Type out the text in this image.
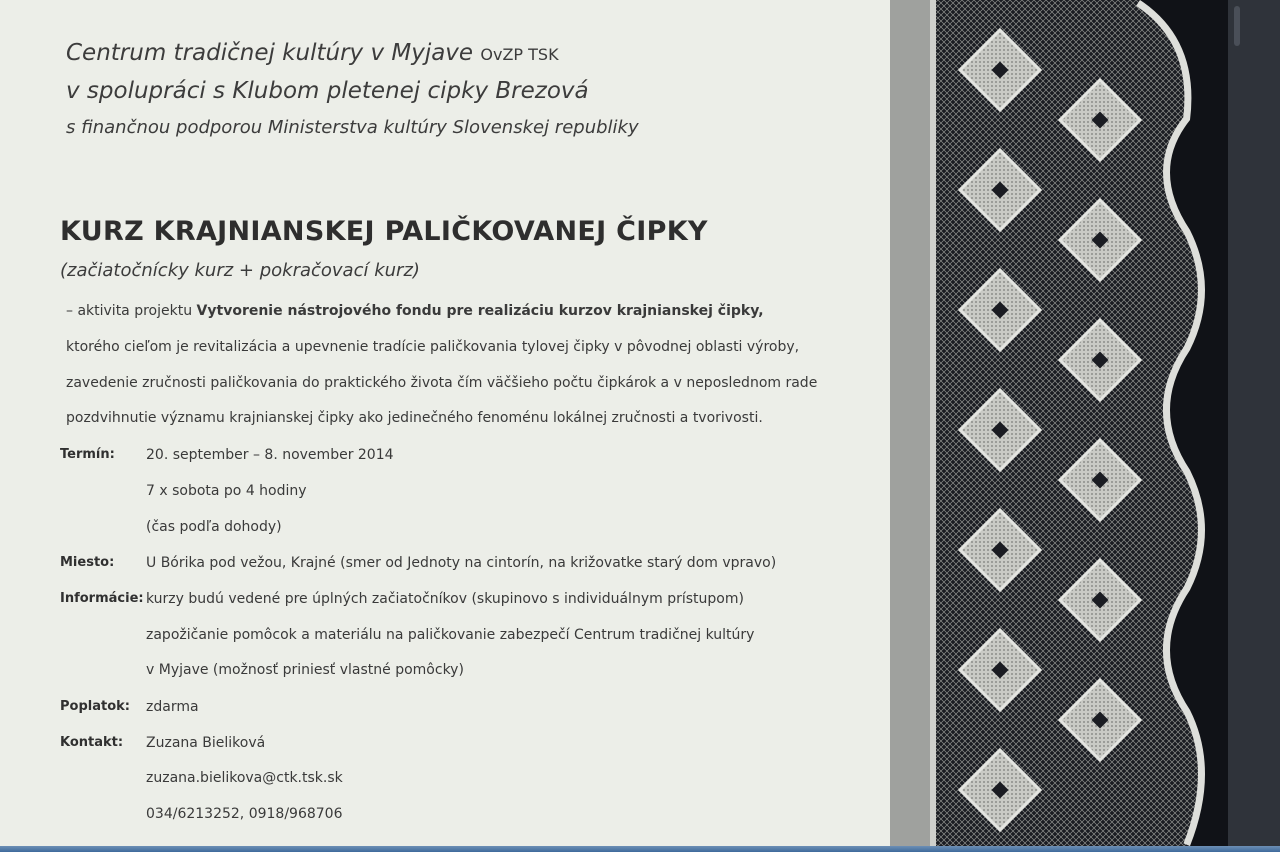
Centrum tradičnej kultúry v Myjave OvZP TSK
v spolupráci s Klubom pletenej cipky Brezová
s finančnou podporou Ministerstva kultúry Slovenskej republiky
KURZ KRAJNIANSKEJ PALIČKOVANEJ ČIPKY
(začiatočnícky kurz + pokračovací kurz)
– aktivita projektu Vytvorenie nástrojového fondu pre realizáciu kurzov krajnianskej čipky,
ktorého cieľom je revitalizácia a upevnenie tradície paličkovania tylovej čipky v pôvodnej oblasti výroby,
zavedenie zručnosti paličkovania do praktického života čím väčšieho počtu čipkárok a v neposlednom rade
pozdvihnutie významu krajnianskej čipky ako jedinečného fenoménu lokálnej zručnosti a tvorivosti.
Termín: 20. september – 8. november 2014
7 x sobota po 4 hodiny
(čas podľa dohody)
Miesto: U Bórika pod vežou, Krajné (smer od Jednoty na cintorín, na križovatke starý dom vpravo)
Informácie: kurzy budú vedené pre úplných začiatočníkov (skupinovo s individuálnym prístupom)
zapožičanie pomôcok a materiálu na paličkovanie zabezpečí Centrum tradičnej kultúry
v Myjave (možnosť priniesť vlastné pomôcky)
Poplatok: zdarma
Kontakt: Zuzana Bieliková
zuzana.bielikova@ctk.tsk.sk
034/6213252, 0918/968706
